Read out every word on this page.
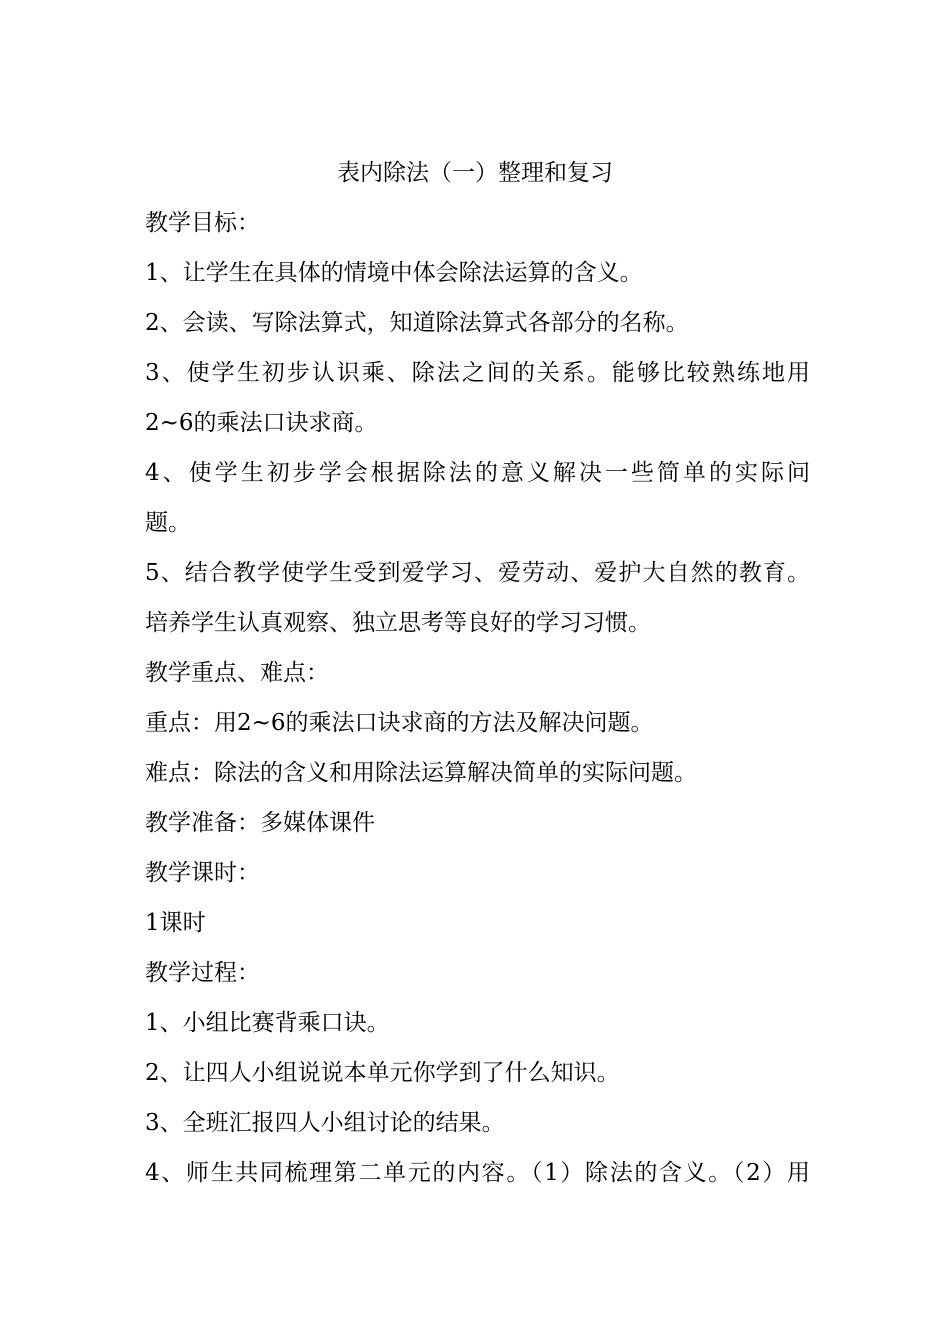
表内除法（一）整理和复习
教学目标：
1、让学生在具体的情境中体会除法运算的含义。
2、会读、写除法算式，知道除法算式各部分的名称。
3、使学生初步认识乘、除法之间的关系。能够比较熟练地用
2~6的乘法口诀求商。
4、使学生初步学会根据除法的意义解决一些简单的实际问
题。
5、结合教学使学生受到爱学习、爱劳动、爱护大自然的教育。
培养学生认真观察、独立思考等良好的学习习惯。
教学重点、难点：
重点：用2~6的乘法口诀求商的方法及解决问题。
难点：除法的含义和用除法运算解决简单的实际问题。
教学准备：多媒体课件
教学课时：
1课时
教学过程：
1、小组比赛背乘口诀。
2、让四人小组说说本单元你学到了什么知识。
3、全班汇报四人小组讨论的结果。
4、师生共同梳理第二单元的内容。（1）除法的含义。（2）用
